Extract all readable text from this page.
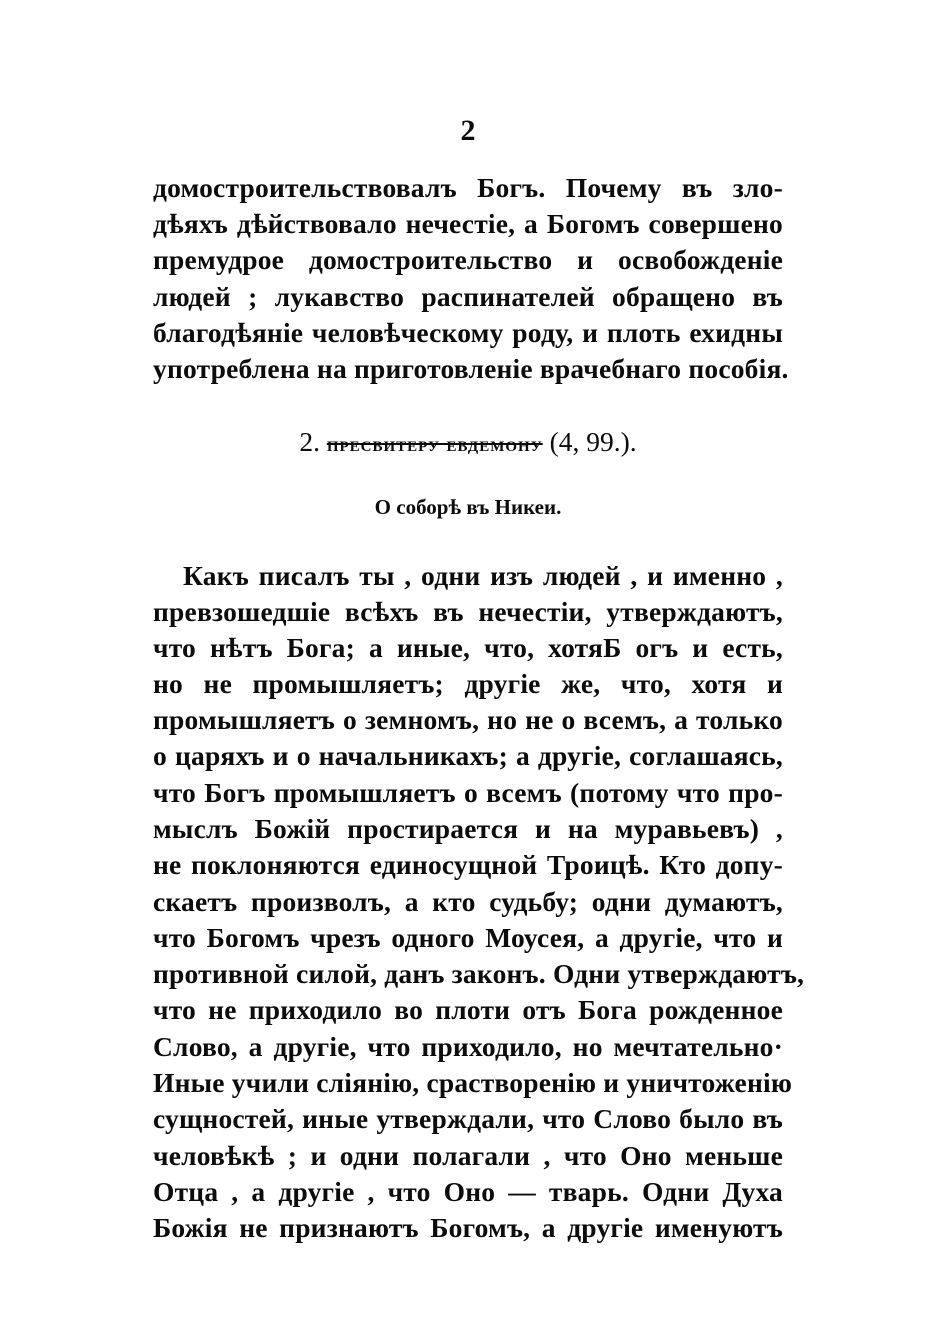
2
домостроительствовалъ Богъ. Почему въ зло-
дѣяхъ дѣйствовало нечестіе, а Богомъ совершено
премудрое домостроительство и освобожденіе
людей ; лукавство распинателей обращено въ
благодѣяніе человѣческому роду, и плоть ехидны
употреблена на приготовленіе врачебнаго пособія.
2. пресвитеру евдемону (4, 99.).
О соборѣ въ Никеи.
Какъ писалъ ты , одни изъ людей , и именно ,
превзошедшіе всѣхъ въ нечестіи, утверждаютъ,
что нѣтъ Бога; а иные, что, хотяБ огъ и есть,
но не промышляетъ; другіе же, что, хотя и
промышляетъ о земномъ, но не о всемъ, а только
о царяхъ и о начальникахъ; а другіе, соглашаясь,
что Богъ промышляетъ о всемъ (потому что про-
мыслъ Божій простирается и на муравьевъ) ,
не поклоняются единосущной Троицѣ. Кто допу-
скаетъ произволъ, а кто судьбу; одни думаютъ,
что Богомъ чрезъ одного Моусея, а другіе, что и
противной силой, данъ законъ. Одни утверждаютъ,
что не приходило во плоти отъ Бога рожденное
Слово, а другіе, что приходило, но мечтательно·
Иные учили сліянію, срастворенію и уничтоженію
сущностей, иные утверждали, что Слово было въ
человѣкѣ ; и одни полагали , что Оно меньше
Отца , а другіе , что Оно — тварь. Одни Духа
Божія не признаютъ Богомъ, а другіе именуютъ
